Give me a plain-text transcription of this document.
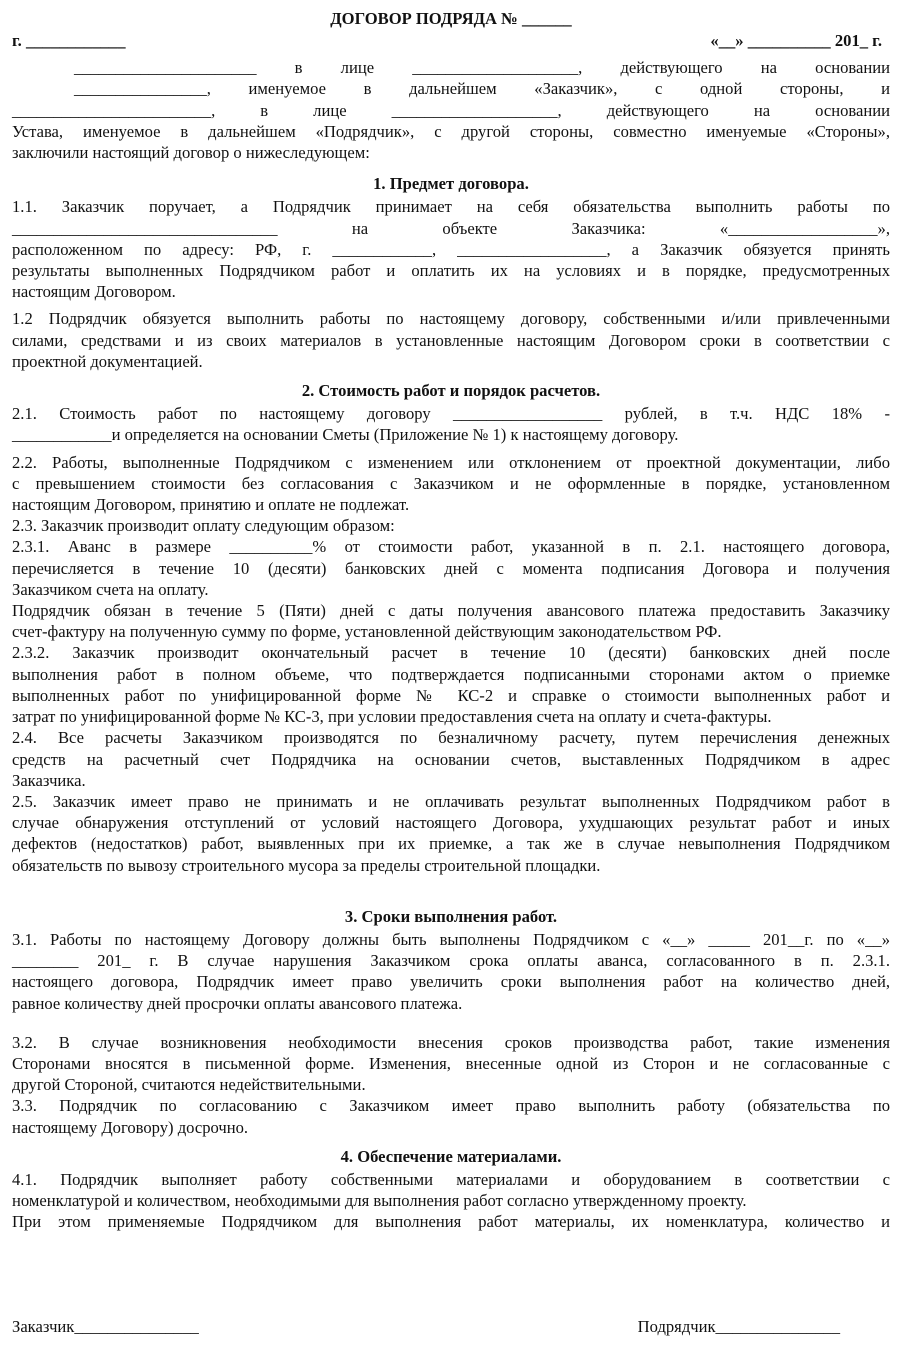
ДОГОВОР ПОДРЯДА № ______
г. ____________	«__» __________ 201_ г.

______________________ в лице ____________________, действующего на основании

________________, именуемое в дальнейшем «Заказчик», с одной стороны, и

________________________, в лице ____________________, действующего на основании

Устава, именуемое в дальнейшем «Подрядчик», с другой стороны, совместно именуемые «Стороны»,

заключили настоящий договор о нижеследующем:

1. Предмет договора.

1.1. Заказчик поручает, а Подрядчик принимает на себя обязательства выполнить работы по

________________________________ на объекте Заказчика: «__________________»,

расположенном по адресу: РФ, г. ____________, __________________, а Заказчик обязуется принять

результаты выполненных Подрядчиком работ и оплатить их на условиях и в порядке, предусмотренных

настоящим Договором.

1.2 Подрядчик обязуется выполнить работы по настоящему договору, собственными и/или привлеченными

силами, средствами и из своих материалов в установленные настоящим Договором сроки в соответствии с

проектной документацией.

2. Стоимость работ и порядок расчетов.

2.1. Стоимость работ по настоящему договору __________________ рублей, в т.ч. НДС 18% -

____________и определяется на основании Сметы (Приложение № 1) к настоящему договору.

2.2. Работы, выполненные Подрядчиком с изменением или отклонением от проектной документации, либо

с превышением стоимости без согласования с Заказчиком и не оформленные в порядке, установленном

настоящим Договором, принятию и оплате не подлежат.

2.3. Заказчик производит оплату следующим образом:

2.3.1. Аванс в размере __________% от стоимости работ, указанной в п. 2.1. настоящего договора,

перечисляется в течение 10 (десяти) банковских дней с момента подписания Договора и получения

Заказчиком счета на оплату.

Подрядчик обязан в течение 5 (Пяти) дней с даты получения авансового платежа предоставить Заказчику

счет-фактуру на полученную сумму по форме, установленной действующим законодательством РФ.

2.3.2. Заказчик производит окончательный расчет в течение 10 (десяти) банковских дней после

выполнения работ в полном объеме, что подтверждается подписанными сторонами актом о приемке

выполненных работ по унифицированной форме № КС-2 и справке о стоимости выполненных работ и

затрат по унифицированной форме № КС-3, при условии предоставления счета на оплату и счета-фактуры.

2.4. Все расчеты Заказчиком производятся по безналичному расчету, путем перечисления денежных

средств на расчетный счет Подрядчика на основании счетов, выставленных Подрядчиком в адрес

Заказчика.

2.5. Заказчик имеет право не принимать и не оплачивать результат выполненных Подрядчиком работ в

случае обнаружения отступлений от условий настоящего Договора, ухудшающих результат работ и иных

дефектов (недостатков) работ, выявленных при их приемке, а так же в случае невыполнения Подрядчиком

обязательств по вывозу строительного мусора за пределы строительной площадки.

3. Сроки выполнения работ.

3.1. Работы по настоящему Договору должны быть выполнены Подрядчиком с «__» _____ 201__г. по «__»

________ 201_ г. В случае нарушения Заказчиком срока оплаты аванса, согласованного в п. 2.3.1.

настоящего договора, Подрядчик имеет право увеличить сроки выполнения работ на количество дней,

равное количеству дней просрочки оплаты авансового платежа.

3.2. В случае возникновения необходимости внесения сроков производства работ, такие изменения

Сторонами вносятся в письменной форме. Изменения, внесенные одной из Сторон и не согласованные с

другой Стороной, считаются недействительными.

3.3. Подрядчик по согласованию с Заказчиком имеет право выполнить работу (обязательства по

настоящему Договору) досрочно.

4. Обеспечение материалами.

4.1. Подрядчик выполняет работу собственными материалами и оборудованием в соответствии с

номенклатурой и количеством, необходимыми для выполнения работ согласно утвержденному проекту.

При этом применяемые Подрядчиком для выполнения работ материалы, их номенклатура, количество и

Заказчик_______________	Подрядчик_______________
